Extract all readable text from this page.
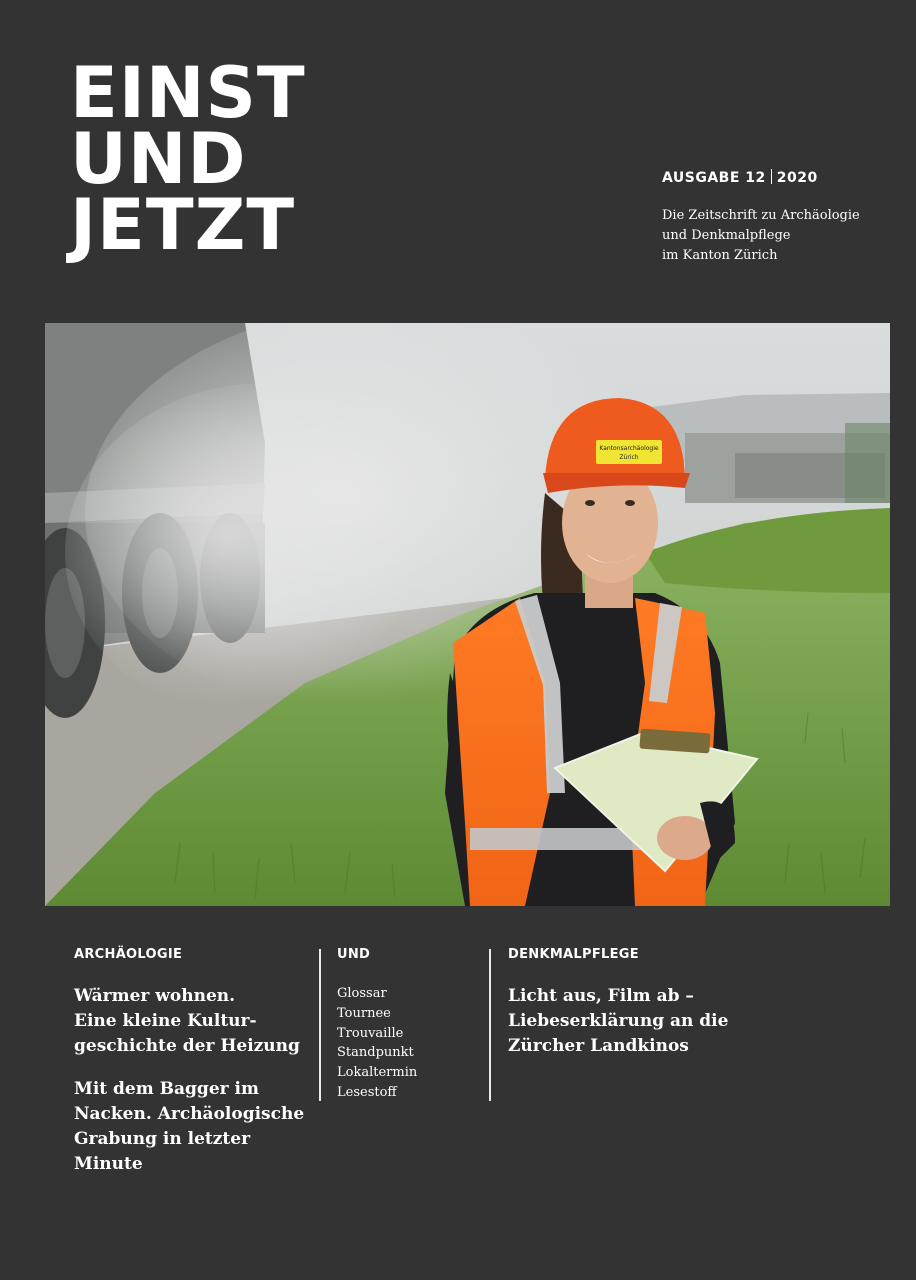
EINST
UND
JETZT
AUSGABE 12 2020
Die Zeitschrift zu Archäologie
und Denkmalpflege
im Kanton Zürich
Kantonsarchäologie
Zürich
ARCHÄOLOGIE
Wärmer wohnen.
Eine kleine Kultur-
geschichte der Heizung
Mit dem Bagger im
Nacken. Archäologische
Grabung in letzter
Minute
UND
Glossar
Tournee
Trouvaille
Standpunkt
Lokaltermin
Lesestoff
DENKMALPFLEGE
Licht aus, Film ab –
Liebeserklärung an die
Zürcher Landkinos
